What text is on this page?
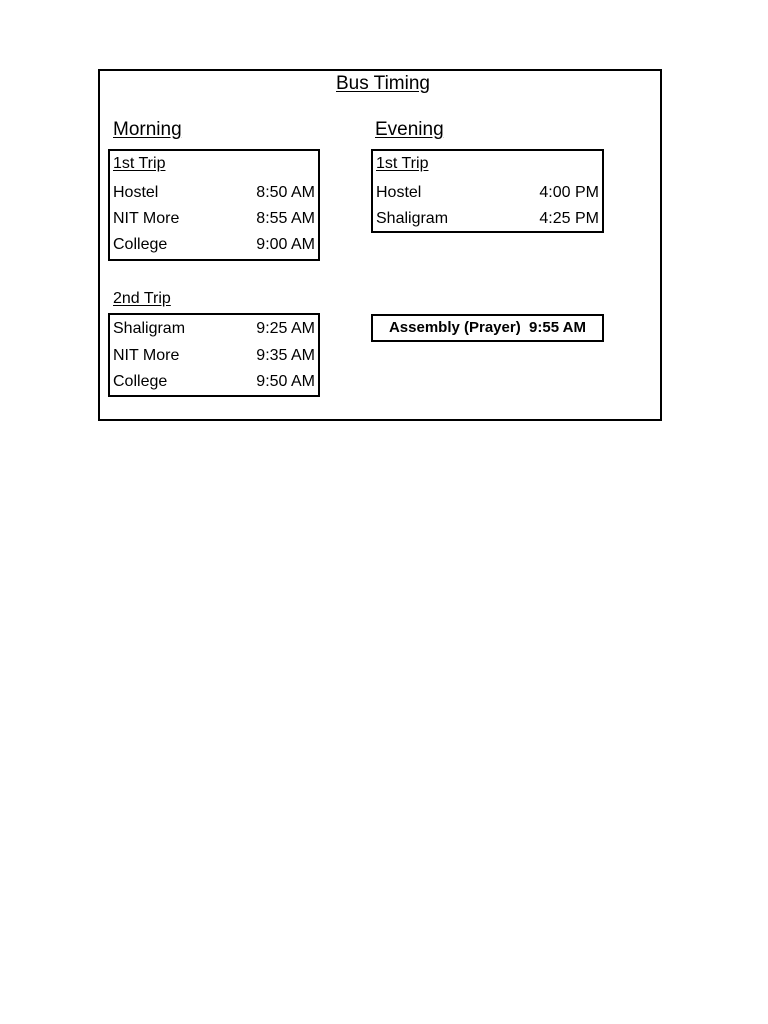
Bus Timing
Morning
1st Trip
Hostel	8:50 AM
NIT More	8:55 AM
College	9:00 AM
2nd Trip
Shaligram	9:25 AM
NIT More	9:35 AM
College	9:50 AM
Evening
1st Trip
Hostel	4:00 PM
Shaligram	4:25 PM
Assembly (Prayer) 9:55 AM
